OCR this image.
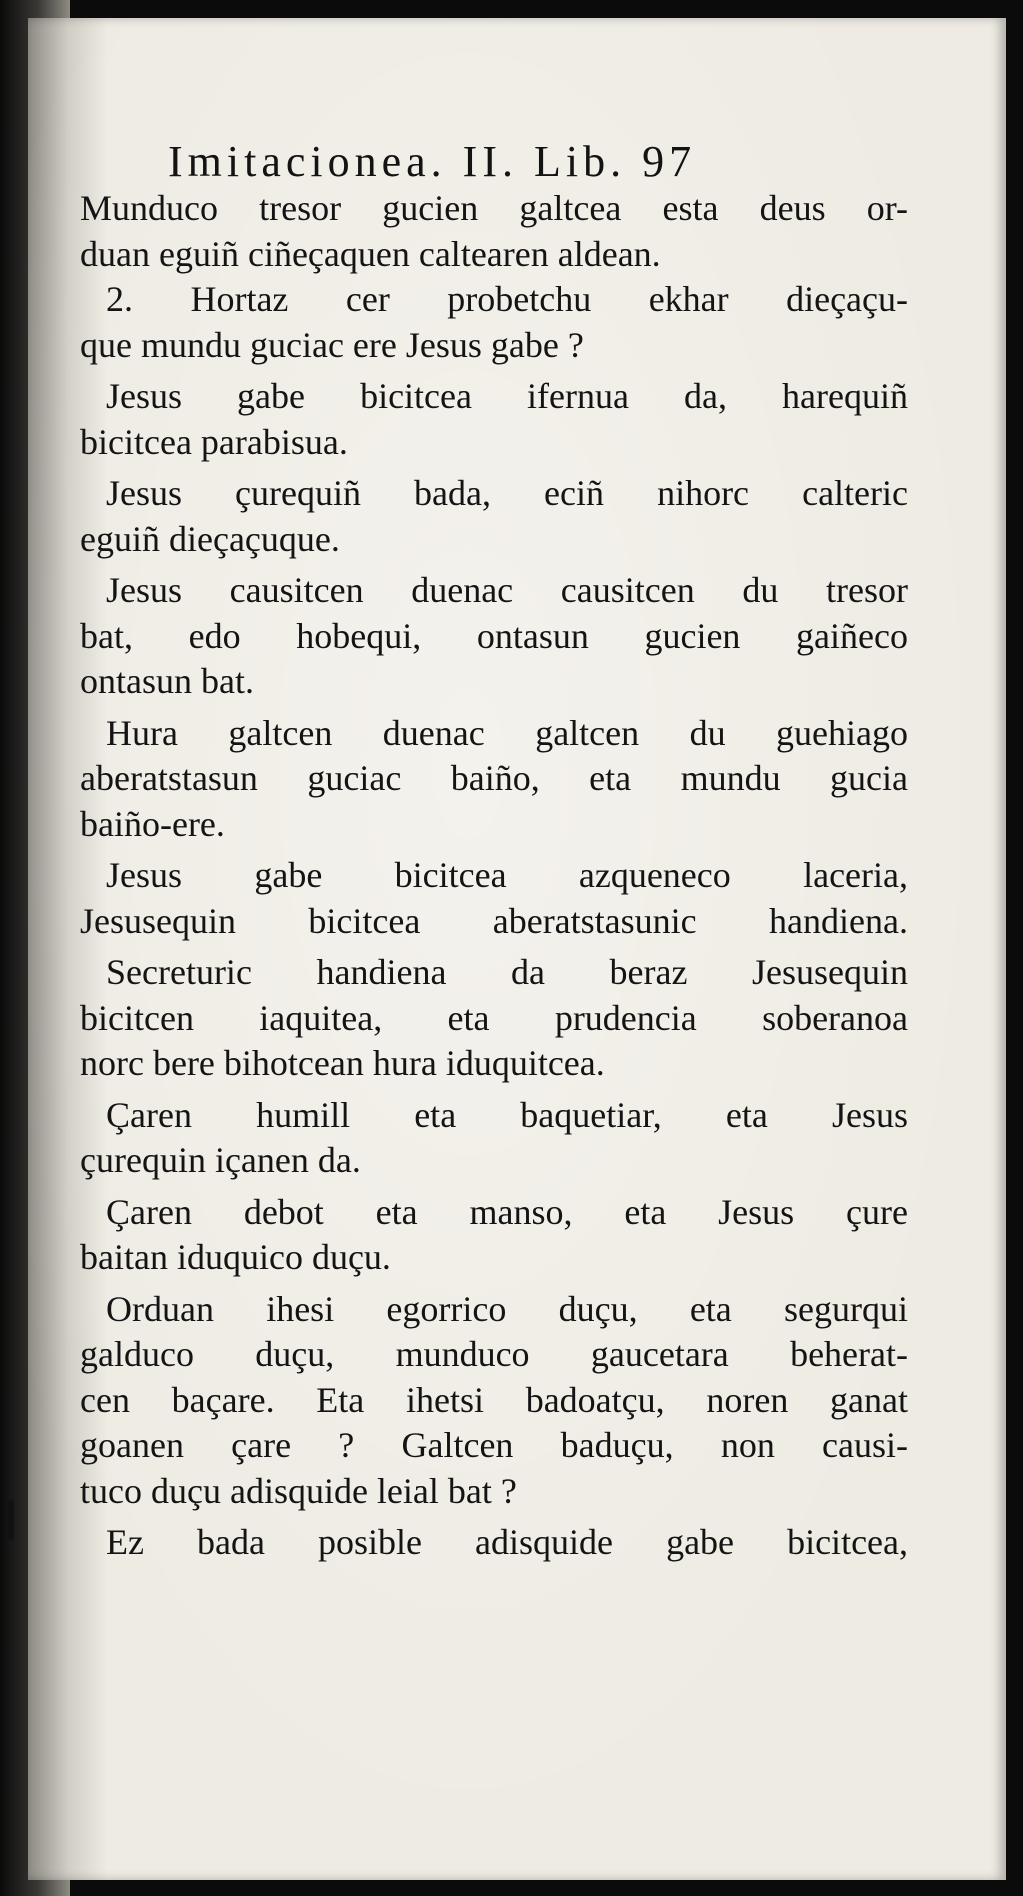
Imitacionea. II. Lib. 97
Munduco tresor gucien galtcea esta deus or-
duan eguiñ ciñeçaquen caltearen aldean.
2. Hortaz cer probetchu ekhar dieçaçu-
que mundu guciac ere Jesus gabe ?
Jesus gabe bicitcea ifernua da, harequiñ
bicitcea parabisua.
Jesus çurequiñ bada, eciñ nihorc calteric
eguiñ dieçaçuque.
Jesus causitcen duenac causitcen du tresor
bat, edo hobequi, ontasun gucien gaiñeco
ontasun bat.
Hura galtcen duenac galtcen du guehiago
aberatstasun guciac baiño, eta mundu gucia
baiño-ere.
Jesus gabe bicitcea azqueneco laceria,
Jesusequin bicitcea aberatstasunic handiena.
Secreturic handiena da beraz Jesusequin
bicitcen iaquitea, eta prudencia soberanoa
norc bere bihotcean hura iduquitcea.
Çaren humill eta baquetiar, eta Jesus
çurequin içanen da.
Çaren debot eta manso, eta Jesus çure
baitan iduquico duçu.
Orduan ihesi egorrico duçu, eta segurqui
galduco duçu, munduco gaucetara beherat-
cen baçare. Eta ihetsi badoatçu, noren ganat
goanen çare ? Galtcen baduçu, non causi-
tuco duçu adisquide leial bat ?
Ez bada posible adisquide gabe bicitcea,
